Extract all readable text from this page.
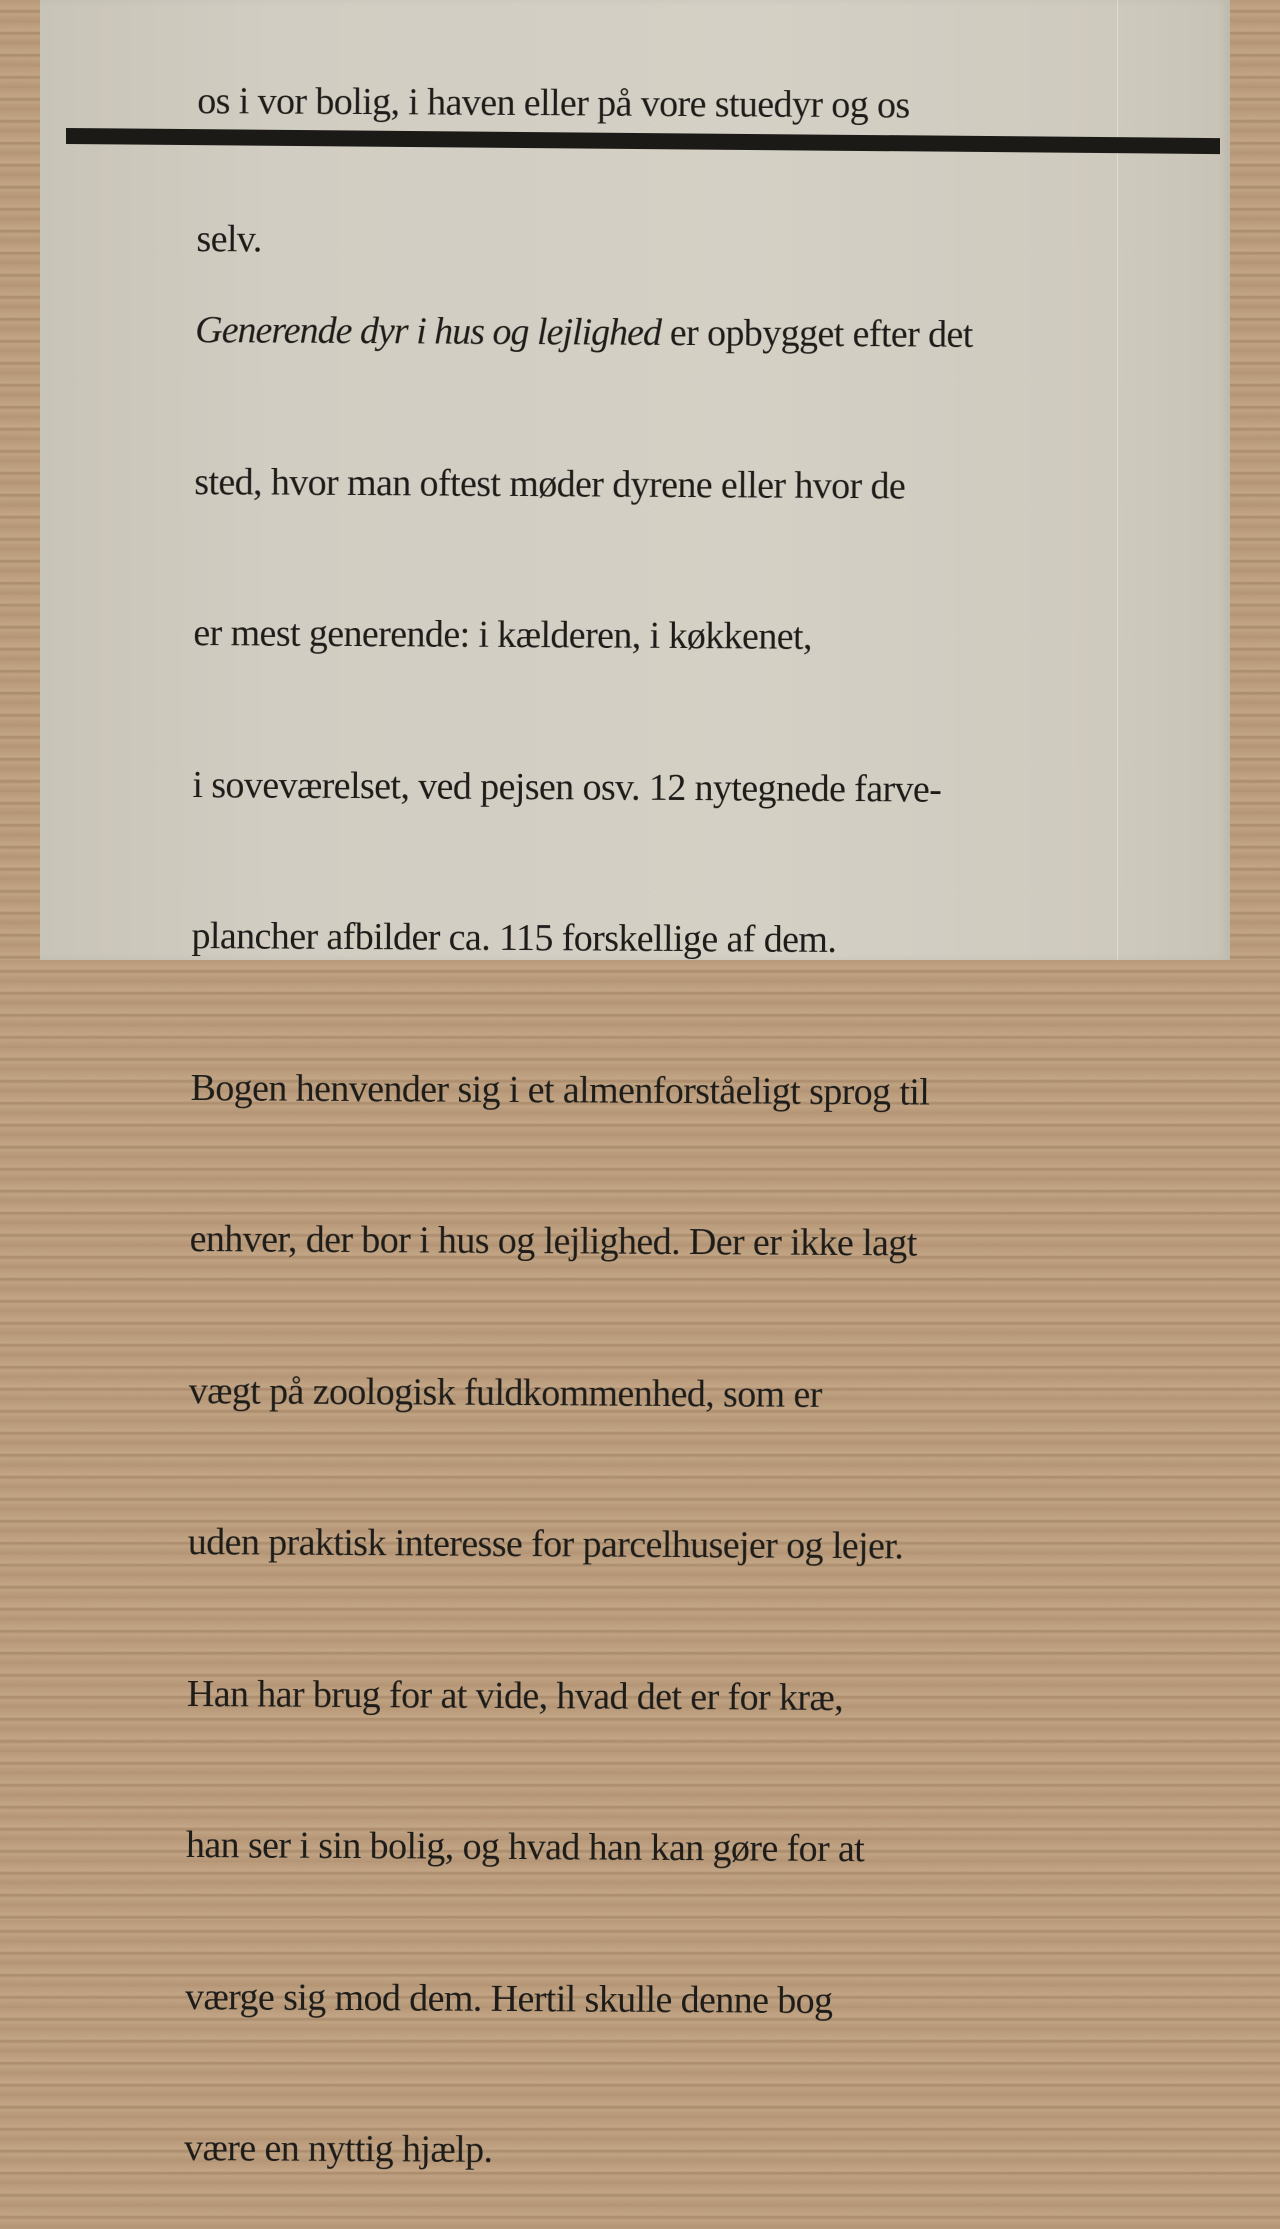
os i vor bolig, i haven eller på vore stuedyr og os

selv.

Generende dyr i hus og lejlighed er opbygget efter det

sted, hvor man oftest møder dyrene eller hvor de

er mest generende: i kælderen, i køkkenet,

i soveværelset, ved pejsen osv. 12 nytegnede farve-

plancher afbilder ca. 115 forskellige af dem.

Bogen henvender sig i et almenforståeligt sprog til

enhver, der bor i hus og lejlighed. Der er ikke lagt

vægt på zoologisk fuldkommenhed, som er

uden praktisk interesse for parcelhusejer og lejer.

Han har brug for at vide, hvad det er for kræ,

han ser i sin bolig, og hvad han kan gøre for at

værge sig mod dem. Hertil skulle denne bog

være en nyttig hjælp.
